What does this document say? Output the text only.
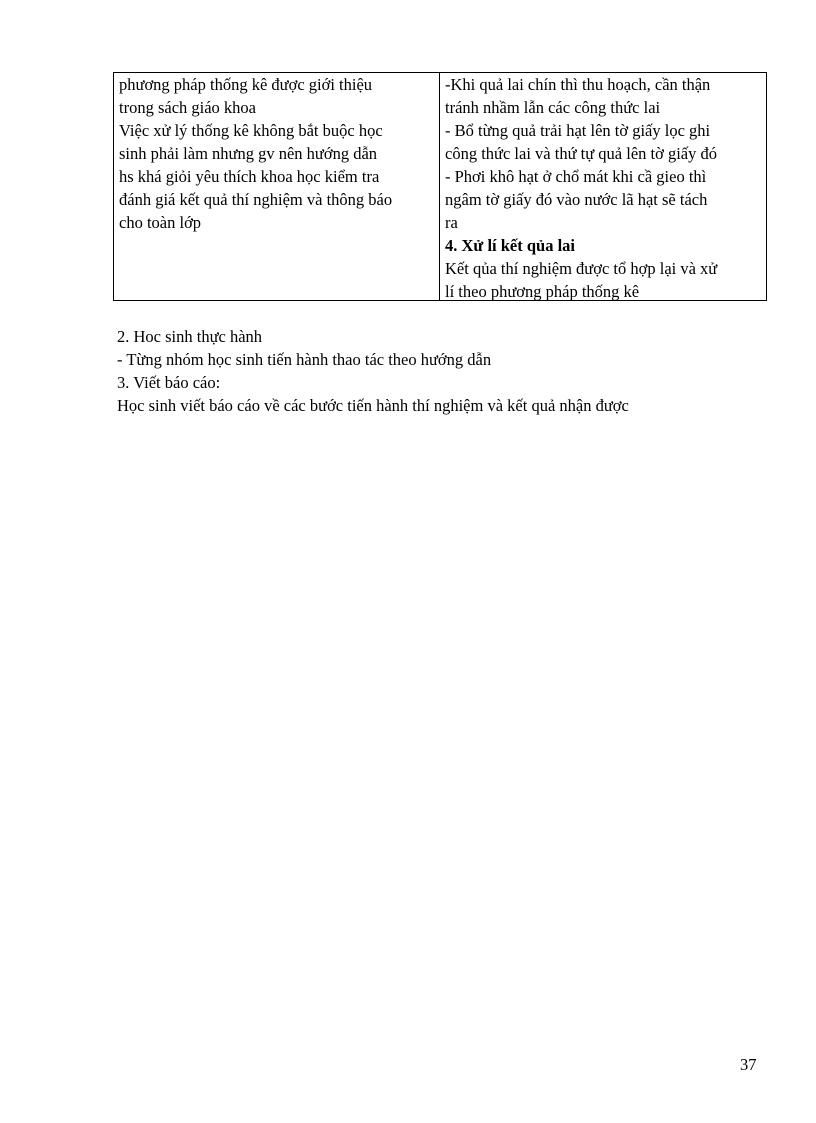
phương pháp thống kê được giới thiệu
trong sách giáo khoa
Việc xử lý thống kê không bắt buộc học
sinh phải làm nhưng gv nên hướng dẫn
hs khá giỏi yêu thích khoa học kiểm tra
đánh giá kết quả thí nghiệm và thông báo
cho toàn lớp
-Khi quả lai chín thì thu hoạch, cần thận
tránh nhầm lẫn các công thức lai
- Bổ từng quả trải hạt lên tờ giấy lọc ghi
công thức lai và thứ tự quả lên tờ giấy đó
- Phơi khô hạt ở chổ mát khi cầ gieo thì
ngâm tờ giấy đó vào nước lã hạt sẽ tách
ra
4. Xử lí kết qủa lai
Kết qủa thí nghiệm được tổ hợp lại và xử
lí theo phương pháp thống kê
2. Hoc sinh thực hành
- Từng nhóm học sinh tiến hành thao tác theo hướng dẫn
3. Viết báo cáo:
Học sinh viết báo cáo về các bước tiến hành thí nghiệm và kết quả nhận được
37
